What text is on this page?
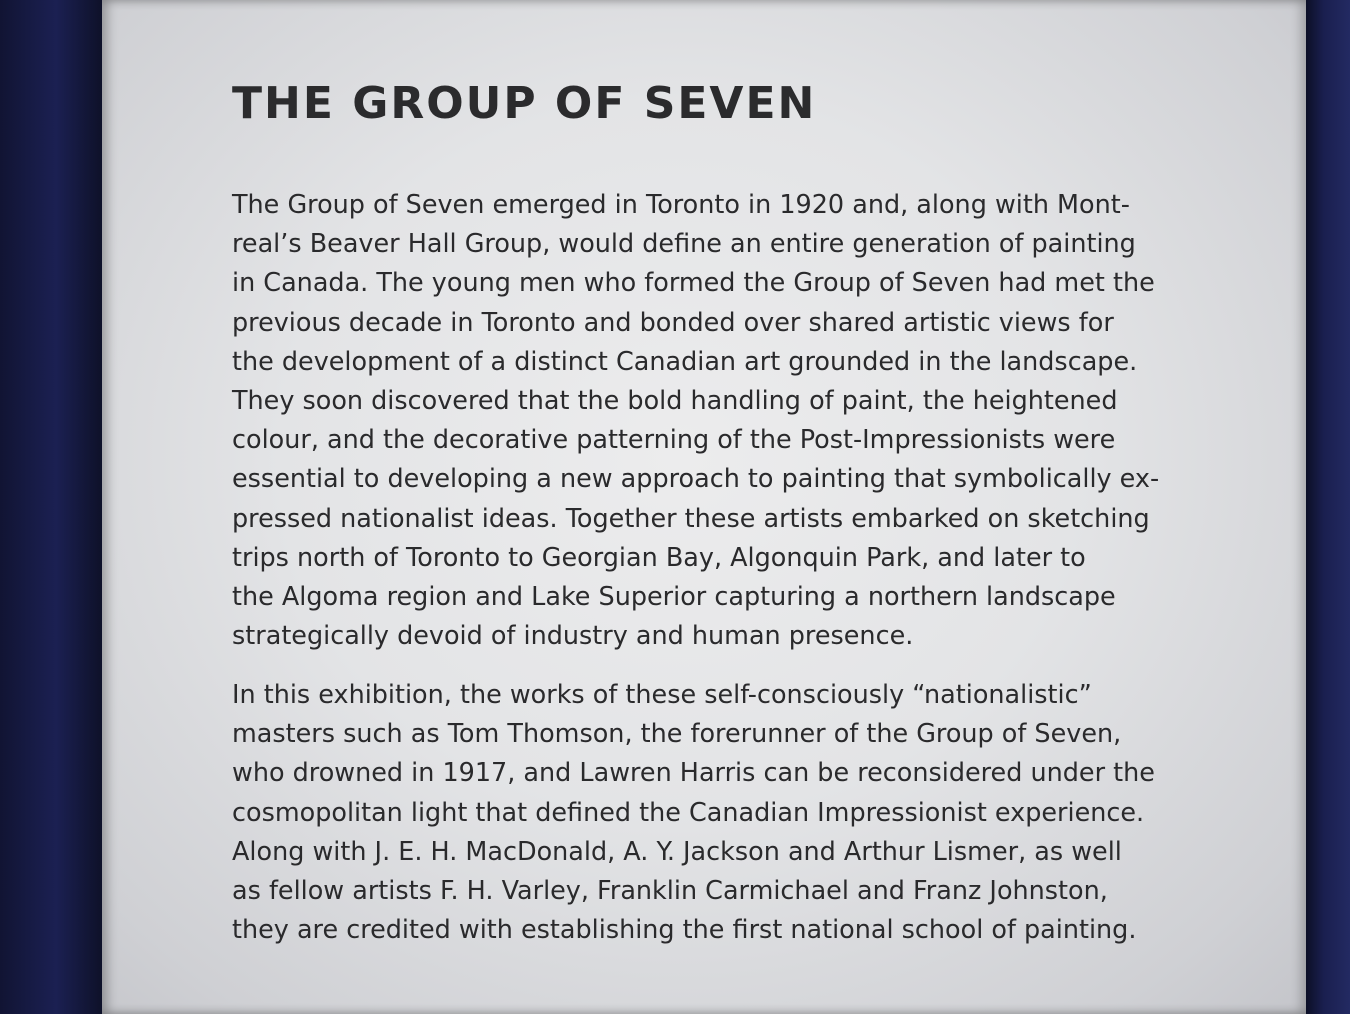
THE GROUP OF SEVEN
The Group of Seven emerged in Toronto in 1920 and, along with Mont-
real’s Beaver Hall Group, would define an entire generation of painting
in Canada. The young men who formed the Group of Seven had met the
previous decade in Toronto and bonded over shared artistic views for
the development of a distinct Canadian art grounded in the landscape.
They soon discovered that the bold handling of paint, the heightened
colour, and the decorative patterning of the Post-Impressionists were
essential to developing a new approach to painting that symbolically ex-
pressed nationalist ideas. Together these artists embarked on sketching
trips north of Toronto to Georgian Bay, Algonquin Park, and later to
the Algoma region and Lake Superior capturing a northern landscape
strategically devoid of industry and human presence.
In this exhibition, the works of these self-consciously “nationalistic”
masters such as Tom Thomson, the forerunner of the Group of Seven,
who drowned in 1917, and Lawren Harris can be reconsidered under the
cosmopolitan light that defined the Canadian Impressionist experience.
Along with J. E. H. MacDonald, A. Y. Jackson and Arthur Lismer, as well
as fellow artists F. H. Varley, Franklin Carmichael and Franz Johnston,
they are credited with establishing the first national school of painting.
